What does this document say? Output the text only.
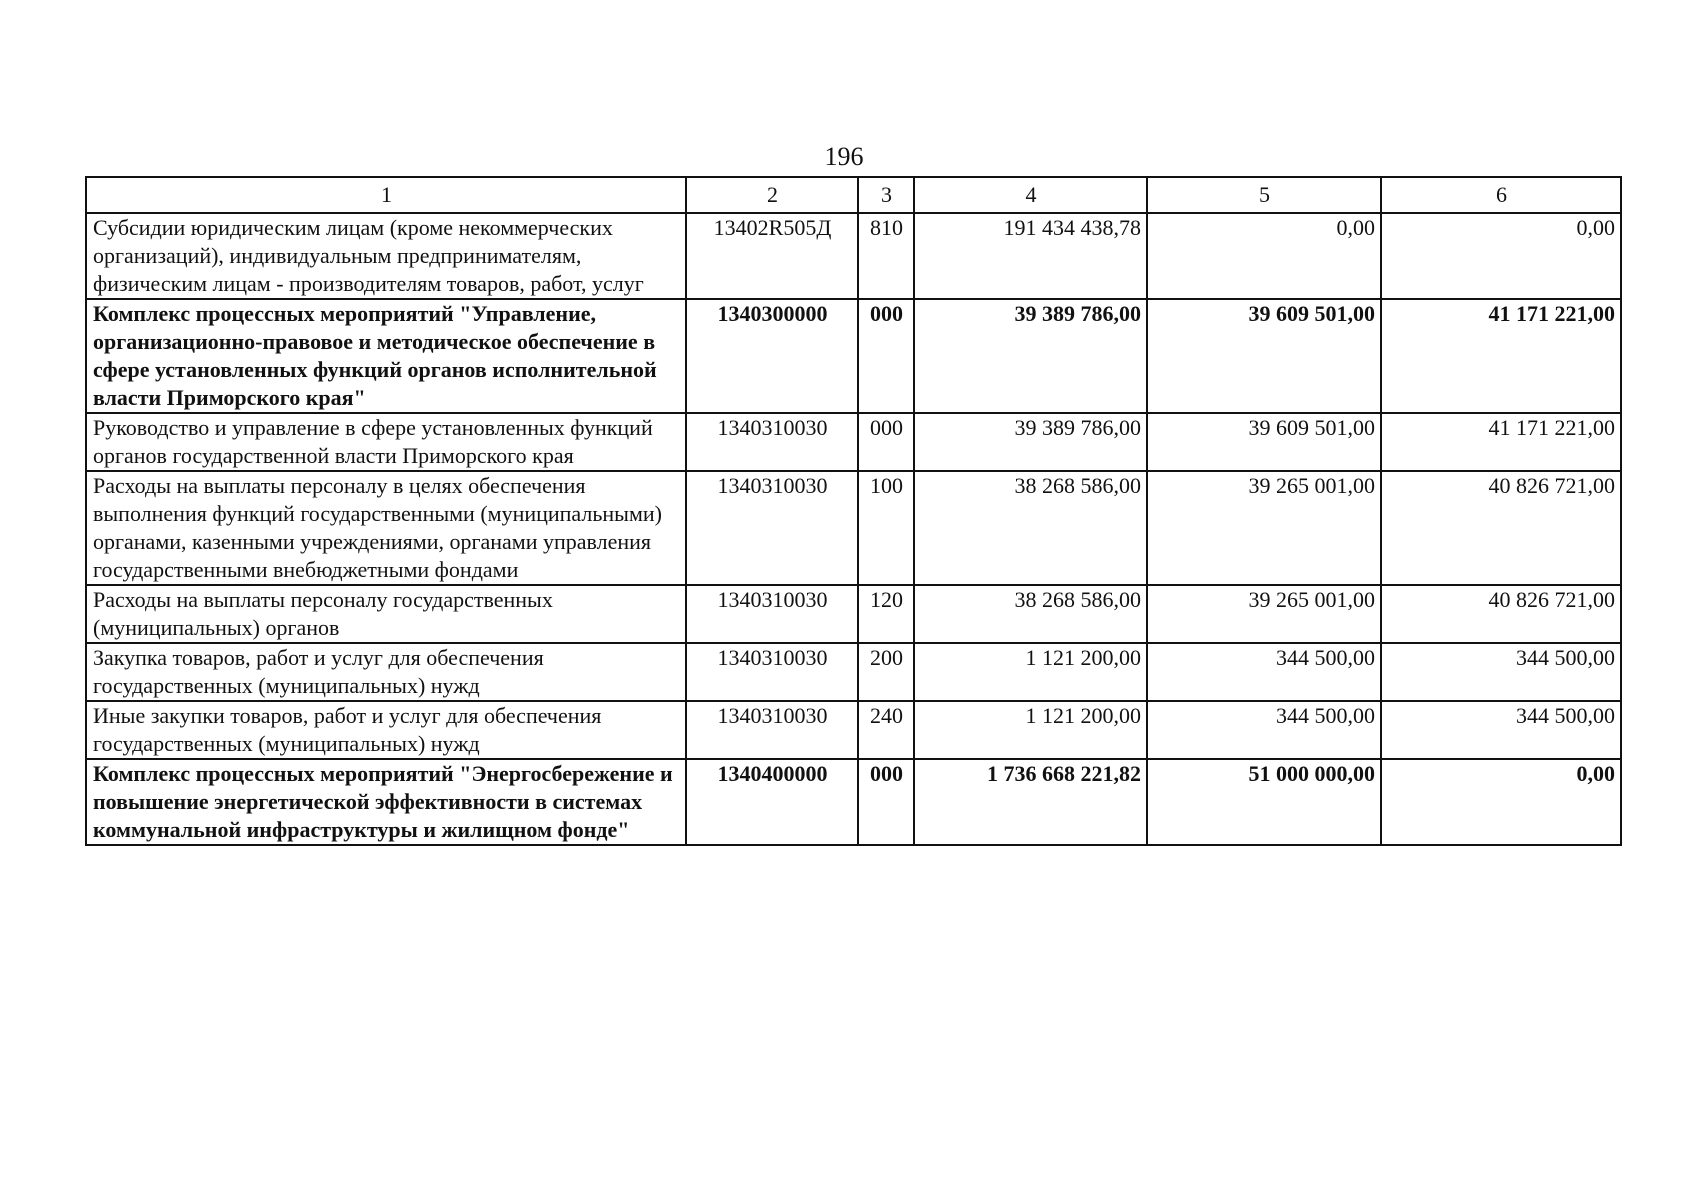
196
1	2	3	4	5	6
Субсидии юридическим лицам (кроме некоммерческих организаций), индивидуальным предпринимателям, физическим лицам - производителям товаров, работ, услуг	13402R505Д	810	191 434 438,78	0,00	0,00
Комплекс процессных мероприятий "Управление, организационно-правовое и методическое обеспечение в сфере установленных функций органов исполнительной власти Приморского края"	1340300000	000	39 389 786,00	39 609 501,00	41 171 221,00
Руководство и управление в сфере установленных функций органов государственной власти Приморского края	1340310030	000	39 389 786,00	39 609 501,00	41 171 221,00
Расходы на выплаты персоналу в целях обеспечения выполнения функций государственными (муниципальными) органами, казенными учреждениями, органами управления государственными внебюджетными фондами	1340310030	100	38 268 586,00	39 265 001,00	40 826 721,00
Расходы на выплаты персоналу государственных (муниципальных) органов	1340310030	120	38 268 586,00	39 265 001,00	40 826 721,00
Закупка товаров, работ и услуг для обеспечения государственных (муниципальных) нужд	1340310030	200	1 121 200,00	344 500,00	344 500,00
Иные закупки товаров, работ и услуг для обеспечения государственных (муниципальных) нужд	1340310030	240	1 121 200,00	344 500,00	344 500,00
Комплекс процессных мероприятий "Энергосбережение и повышение энергетической эффективности в системах коммунальной инфраструктуры и жилищном фонде"	1340400000	000	1 736 668 221,82	51 000 000,00	0,00
